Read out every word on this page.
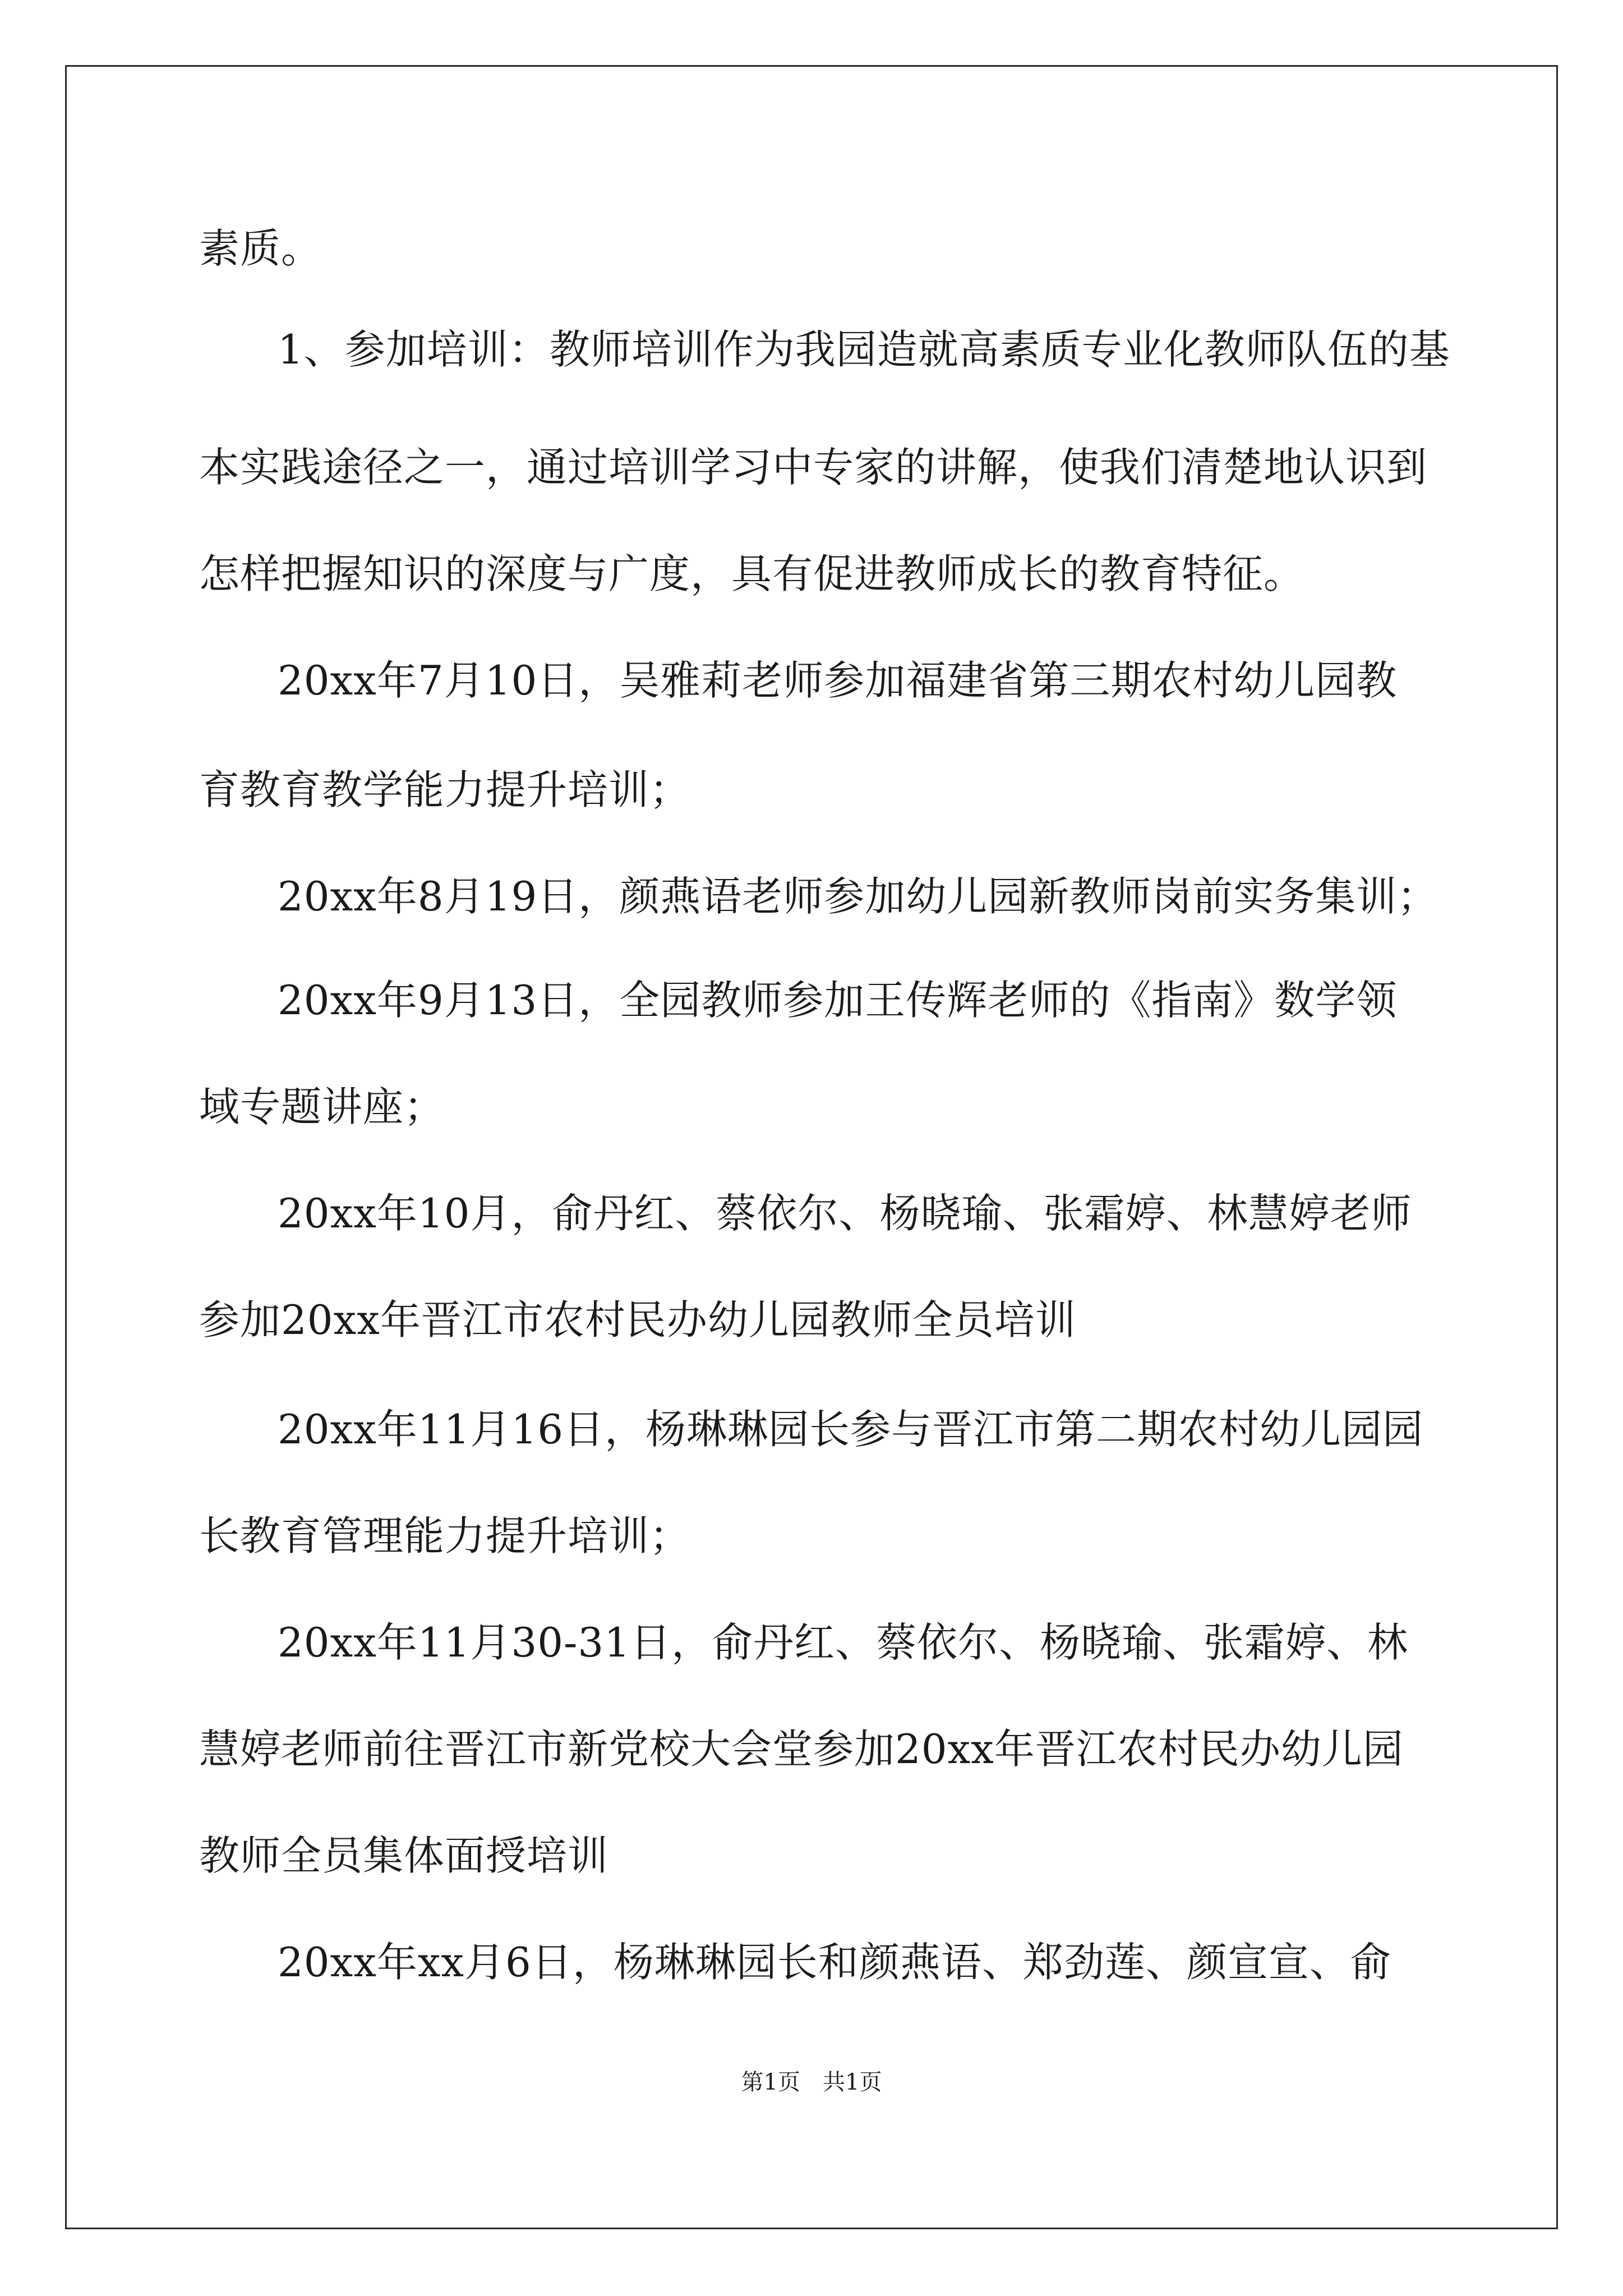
素质。
1、参加培训：教师培训作为我园造就高素质专业化教师队伍的基
本实践途径之一，通过培训学习中专家的讲解，使我们清楚地认识到
怎样把握知识的深度与广度，具有促进教师成长的教育特征。
20xx年7月10日，吴雅莉老师参加福建省第三期农村幼儿园教
育教育教学能力提升培训；
20xx年8月19日，颜燕语老师参加幼儿园新教师岗前实务集训；
20xx年9月13日，全园教师参加王传辉老师的《指南》数学领
域专题讲座；
20xx年10月，俞丹红、蔡依尔、杨晓瑜、张霜婷、林慧婷老师
参加20xx年晋江市农村民办幼儿园教师全员培训
20xx年11月16日，杨琳琳园长参与晋江市第二期农村幼儿园园
长教育管理能力提升培训；
20xx年11月30-31日，俞丹红、蔡依尔、杨晓瑜、张霜婷、林
慧婷老师前往晋江市新党校大会堂参加20xx年晋江农村民办幼儿园
教师全员集体面授培训
20xx年xx月6日，杨琳琳园长和颜燕语、郑劲莲、颜宣宣、俞
第1页 共1页
